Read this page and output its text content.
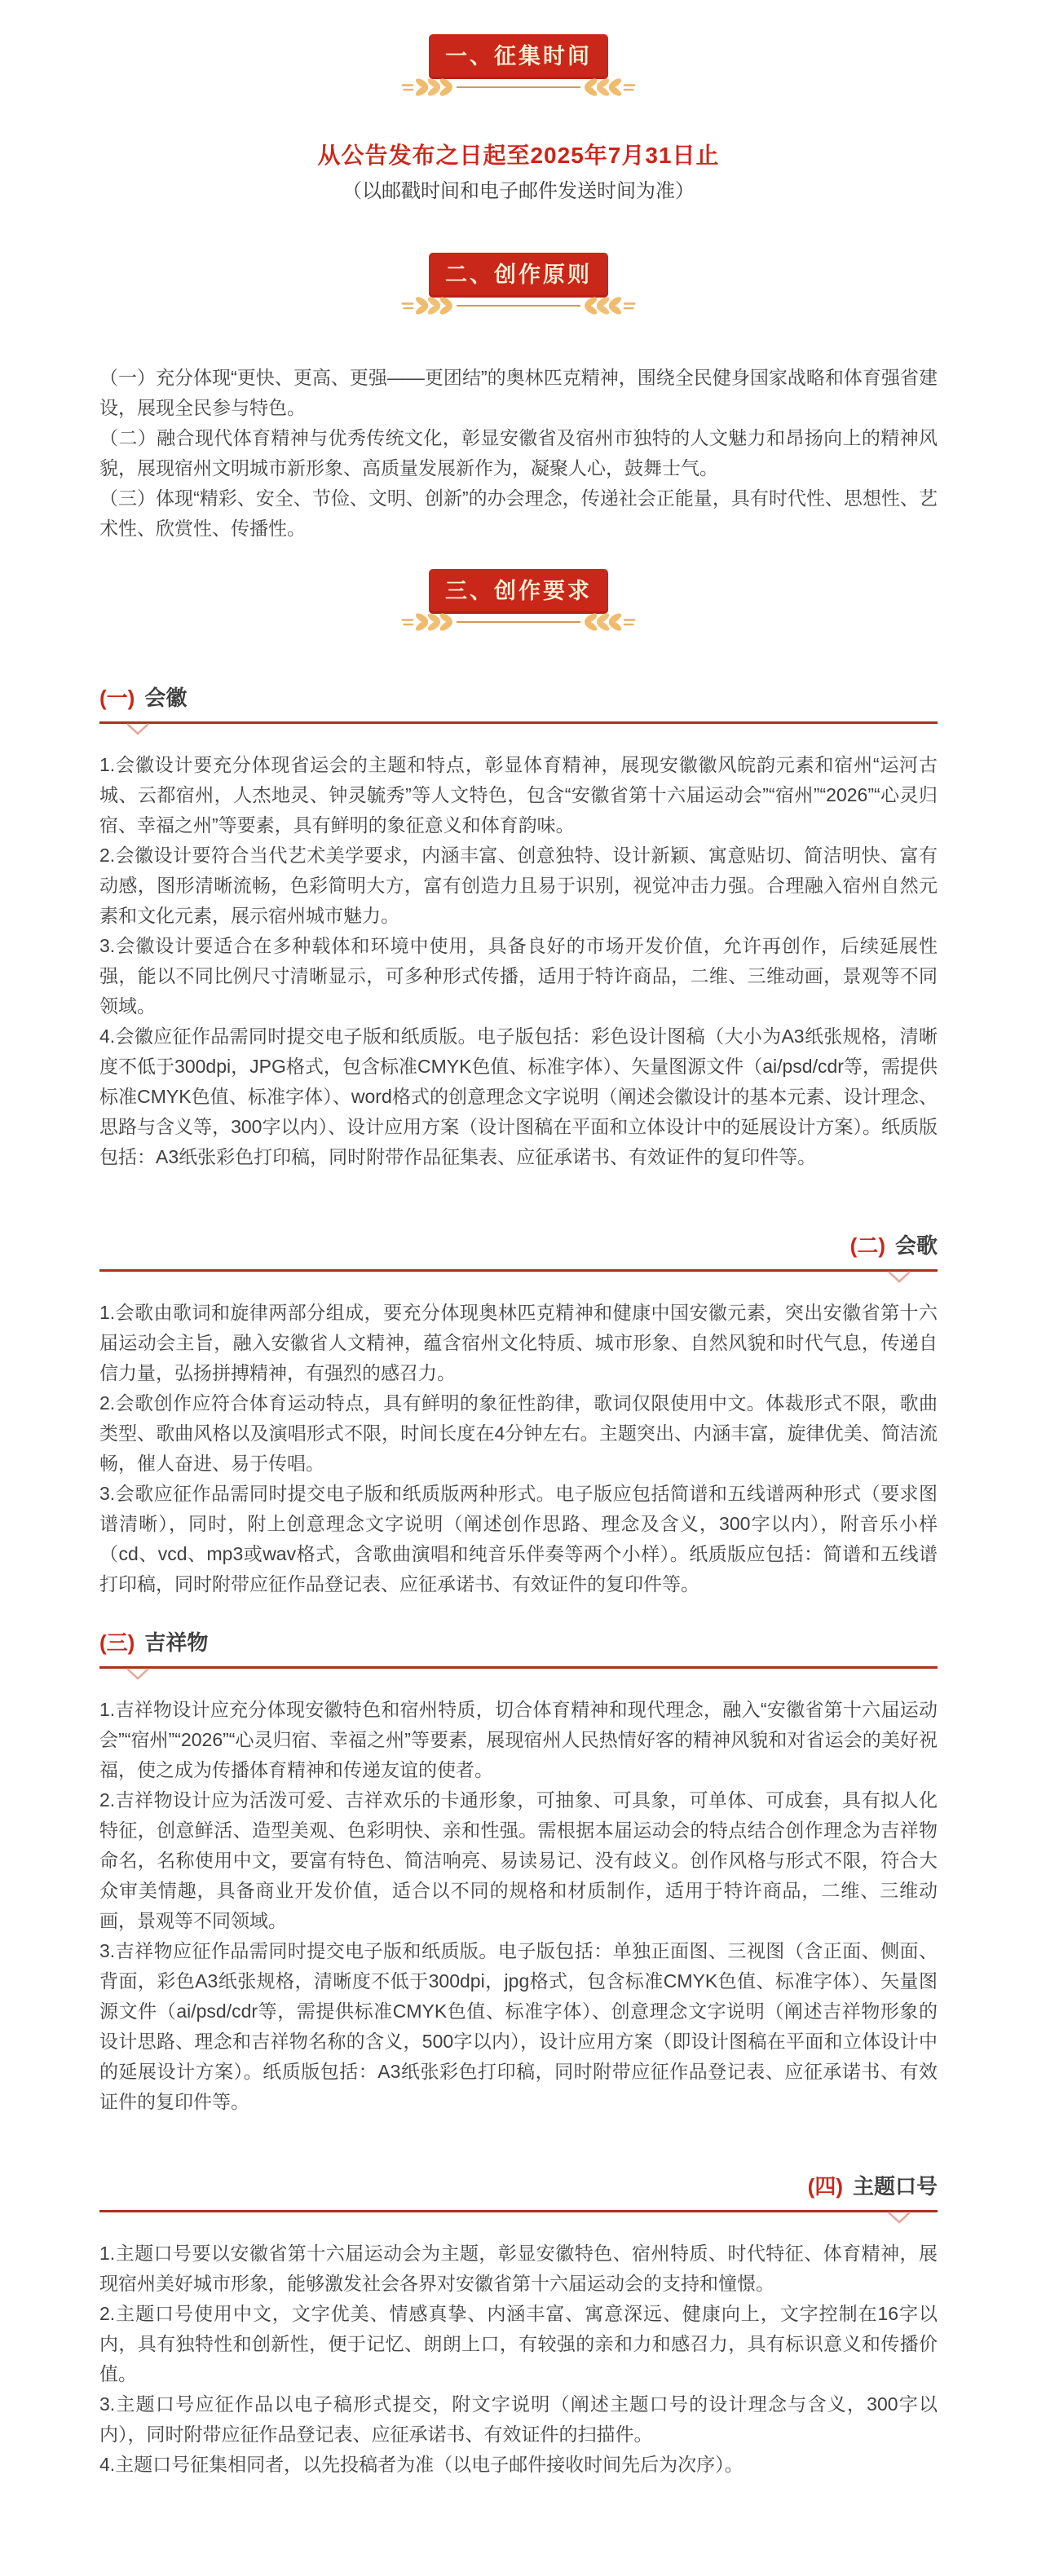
一、征集时间
从公告发布之日起至2025年7月31日止
（以邮戳时间和电子邮件发送时间为准）
二、创作原则

（一）充分体现“更快、更高、更强——更团结”的奥林匹克精神，围绕全民健身国家战略和体育强省建设，展现全民参与特色。

（二）融合现代体育精神与优秀传统文化，彰显安徽省及宿州市独特的人文魅力和昂扬向上的精神风貌，展现宿州文明城市新形象、高质量发展新作为，凝聚人心，鼓舞士气。

（三）体现“精彩、安全、节俭、文明、创新”的办会理念，传递社会正能量，具有时代性、思想性、艺术性、欣赏性、传播性。

三、创作要求
(一) 会徽

1.会徽设计要充分体现省运会的主题和特点，彰显体育精神，展现安徽徽风皖韵元素和宿州“运河古城、云都宿州，人杰地灵、钟灵毓秀”等人文特色，包含“安徽省第十六届运动会”“宿州”“2026”“心灵归宿、幸福之州”等要素，具有鲜明的象征意义和体育韵味。

2.会徽设计要符合当代艺术美学要求，内涵丰富、创意独特、设计新颖、寓意贴切、简洁明快、富有动感，图形清晰流畅，色彩简明大方，富有创造力且易于识别，视觉冲击力强。合理融入宿州自然元素和文化元素，展示宿州城市魅力。

3.会徽设计要适合在多种载体和环境中使用，具备良好的市场开发价值，允许再创作，后续延展性强，能以不同比例尺寸清晰显示，可多种形式传播，适用于特许商品，二维、三维动画，景观等不同领域。

4.会徽应征作品需同时提交电子版和纸质版。电子版包括：彩色设计图稿（大小为A3纸张规格，清晰度不低于300dpi，JPG格式，包含标准CMYK色值、标准字体）、矢量图源文件（ai/psd/cdr等，需提供标准CMYK色值、标准字体）、word格式的创意理念文字说明（阐述会徽设计的基本元素、设计理念、思路与含义等，300字以内）、设计应用方案（设计图稿在平面和立体设计中的延展设计方案）。纸质版包括：A3纸张彩色打印稿，同时附带作品征集表、应征承诺书、有效证件的复印件等。

(二) 会歌

1.会歌由歌词和旋律两部分组成，要充分体现奥林匹克精神和健康中国安徽元素，突出安徽省第十六届运动会主旨，融入安徽省人文精神，蕴含宿州文化特质、城市形象、自然风貌和时代气息，传递自信力量，弘扬拼搏精神，有强烈的感召力。

2.会歌创作应符合体育运动特点，具有鲜明的象征性韵律，歌词仅限使用中文。体裁形式不限，歌曲类型、歌曲风格以及演唱形式不限，时间长度在4分钟左右。主题突出、内涵丰富，旋律优美、简洁流畅，催人奋进、易于传唱。

3.会歌应征作品需同时提交电子版和纸质版两种形式。电子版应包括简谱和五线谱两种形式（要求图谱清晰），同时，附上创意理念文字说明（阐述创作思路、理念及含义，300字以内），附音乐小样（cd、vcd、mp3或wav格式，含歌曲演唱和纯音乐伴奏等两个小样）。纸质版应包括：简谱和五线谱打印稿，同时附带应征作品登记表、应征承诺书、有效证件的复印件等。

(三) 吉祥物

1.吉祥物设计应充分体现安徽特色和宿州特质，切合体育精神和现代理念，融入“安徽省第十六届运动会”“宿州”“2026”“心灵归宿、幸福之州”等要素，展现宿州人民热情好客的精神风貌和对省运会的美好祝福，使之成为传播体育精神和传递友谊的使者。

2.吉祥物设计应为活泼可爱、吉祥欢乐的卡通形象，可抽象、可具象，可单体、可成套，具有拟人化特征，创意鲜活、造型美观、色彩明快、亲和性强。需根据本届运动会的特点结合创作理念为吉祥物命名，名称使用中文，要富有特色、简洁响亮、易读易记、没有歧义。创作风格与形式不限，符合大众审美情趣，具备商业开发价值，适合以不同的规格和材质制作，适用于特许商品，二维、三维动画，景观等不同领域。

3.吉祥物应征作品需同时提交电子版和纸质版。电子版包括：单独正面图、三视图（含正面、侧面、背面，彩色A3纸张规格，清晰度不低于300dpi，jpg格式，包含标准CMYK色值、标准字体）、矢量图源文件（ai/psd/cdr等，需提供标准CMYK色值、标准字体）、创意理念文字说明（阐述吉祥物形象的设计思路、理念和吉祥物名称的含义，500字以内），设计应用方案（即设计图稿在平面和立体设计中的延展设计方案）。纸质版包括：A3纸张彩色打印稿，同时附带应征作品登记表、应征承诺书、有效证件的复印件等。

(四) 主题口号

1.主题口号要以安徽省第十六届运动会为主题，彰显安徽特色、宿州特质、时代特征、体育精神，展现宿州美好城市形象，能够激发社会各界对安徽省第十六届运动会的支持和憧憬。

2.主题口号使用中文，文字优美、情感真挚、内涵丰富、寓意深远、健康向上，文字控制在16字以内，具有独特性和创新性，便于记忆、朗朗上口，有较强的亲和力和感召力，具有标识意义和传播价值。

3.主题口号应征作品以电子稿形式提交，附文字说明（阐述主题口号的设计理念与含义，300字以内），同时附带应征作品登记表、应征承诺书、有效证件的扫描件。

4.主题口号征集相同者，以先投稿者为准（以电子邮件接收时间先后为次序）。
